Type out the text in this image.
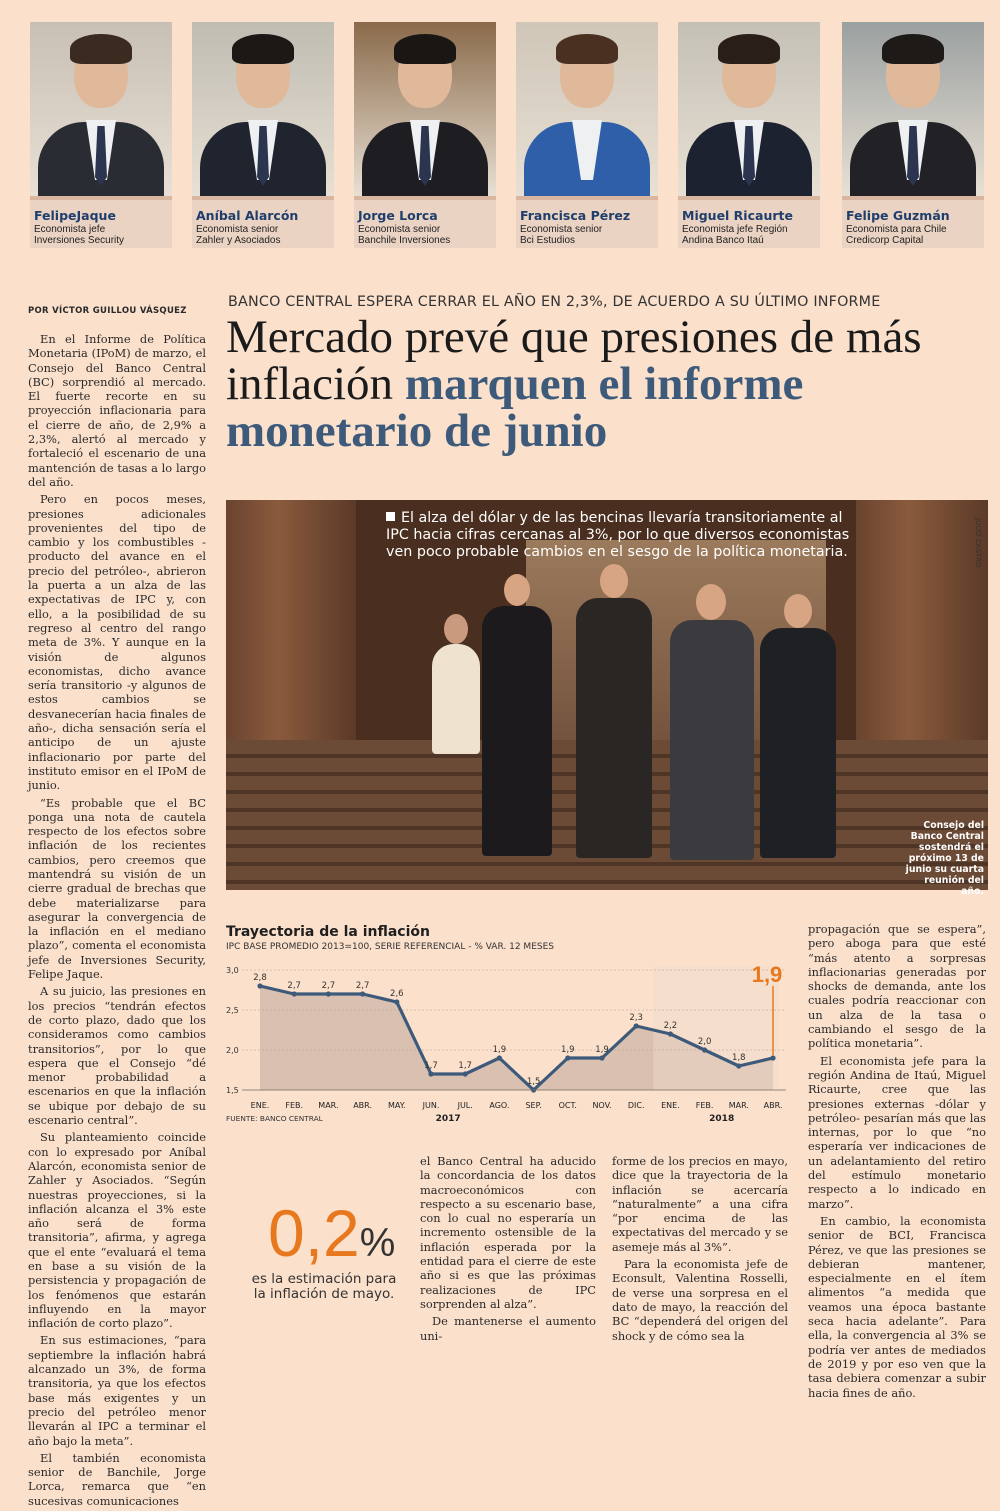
FelipeJaque
Economista jefe
Inversiones Security
Aníbal Alarcón
Economista senior
Zahler y Asociados
Jorge Lorca
Economista senior
Banchile Inversiones
Francisca Pérez
Economista senior
Bci Estudios
Miguel Ricaurte
Economista jefe Región
Andina Banco Itaú
Felipe Guzmán
Economista para Chile
Credicorp Capital
POR VÍCTOR GUILLOU VÁSQUEZ
BANCO CENTRAL ESPERA CERRAR EL AÑO EN 2,3%, DE ACUERDO A SU ÚLTIMO INFORME
Mercado prevé que presiones de más inflación marquen el informe monetario de junio

En el Informe de Política Monetaria (IPoM) de marzo, el Consejo del Banco Central (BC) sorprendió al mercado. El fuerte recorte en su proyección inflacionaria para el cierre de año, de 2,9% a 2,3%, alertó al mercado y fortaleció el escenario de una mantención de tasas a lo largo del año.

Pero en pocos meses, presiones adicionales provenientes del tipo de cambio y los combustibles -producto del avance en el precio del petróleo-, abrieron la puerta a un alza de las expectativas de IPC y, con ello, a la posibilidad de su regreso al centro del rango meta de 3%. Y aunque en la visión de algunos economistas, dicho avance sería transitorio -y algunos de estos cambios se desvanecerían hacia finales de año-, dicha sensación sería el anticipo de un ajuste inflacionario por parte del instituto emisor en el IPoM de junio.

“Es probable que el BC ponga una nota de cautela respecto de los efectos sobre inflación de los recientes cambios, pero creemos que mantendrá su visión de un cierre gradual de brechas que debe materializarse para asegurar la convergencia de la inflación en el mediano plazo”, comenta el economista jefe de Inversiones Security, Felipe Jaque.

A su juicio, las presiones en los precios “tendrán efectos de corto plazo, dado que los consideramos como cambios transitorios”, por lo que espera que el Consejo “dé menor probabilidad a escenarios en que la inflación se ubique por debajo de su escenario central”.

Su planteamiento coincide con lo expresado por Aníbal Alarcón, economista senior de Zahler y Asociados. “Según nuestras proyecciones, si la inflación alcanza el 3% este año será de forma transitoria”, afirma, y agrega que el ente “evaluará el tema en base a su visión de la persistencia y propagación de los fenómenos que estarán influyendo en la mayor inflación de corto plazo”.

En sus estimaciones, “para septiembre la inflación habrá alcanzado un 3%, de forma transitoria, ya que los efectos base más exigentes y un precio del petróleo menor llevarán al IPC a terminar el año bajo la meta”.

El también economista senior de Banchile, Jorge Lorca, remarca que “en sucesivas comunicaciones

El alza del dólar y de las bencinas llevaría transitoriamente al IPC hacia cifras cercanas al 3%, por lo que diversos economistas ven poco probable cambios en el sesgo de la política monetaria.	JULIO CASTRO
Consejo del Banco Central sostendrá el próximo 13 de junio su cuarta reunión del año.
Trayectoria de la inflación
IPC BASE PROMEDIO 2013=100, SERIE REFERENCIAL - % VAR. 12 MESES
3,0
2,5
2,0
1,5
2,8
ENE.
2,7
FEB.
2,7
MAR.
2,7
ABR.
2,6
MAY.
1,7
JUN.
1,7
JUL.
1,9
AGO.
1,5
SEP.
1,9
OCT.
1,9
NOV.
2,3
DIC.
2,2
ENE.
2,0
FEB.
1,8
MAR. ABR.
2017	2018
1,9
FUENTE: BANCO CENTRAL

el Banco Central ha aducido la concordancia de los datos macroeconómicos con respecto a su escenario base, con lo cual no esperaría un incremento ostensible de la inflación esperada por la entidad para el cierre de este año si es que las próximas realizaciones de IPC sorprenden al alza”.

De mantenerse el aumento uni-

forme de los precios en mayo, dice que la trayectoria de la inflación se acercaría “naturalmente” a una cifra “por encima de las expectativas del mercado y se asemeje más al 3%”.

Para la economista jefe de Econsult, Valentina Rosselli, de verse una sorpresa en el dato de mayo, la reacción del BC “dependerá del origen del shock y de cómo sea la

propagación que se espera”, pero aboga para que esté “más atento a sorpresas inflacionarias generadas por shocks de demanda, ante los cuales podría reaccionar con un alza de la tasa o cambiando el sesgo de la política monetaria”.

El economista jefe para la región Andina de Itaú, Miguel Ricaurte, cree que las presiones externas -dólar y petróleo- pesarían más que las internas, por lo que “no esperaría ver indicaciones de un adelantamiento del retiro del estímulo monetario respecto a lo indicado en marzo”.

En cambio, la economista senior de BCI, Francisca Pérez, ve que las presiones se debieran mantener, especialmente en el ítem alimentos “a medida que veamos una época bastante seca hacia adelante”. Para ella, la convergencia al 3% se podría ver antes de mediados de 2019 y por eso ven que la tasa debiera comenzar a subir hacia fines de año.

0,2%
es la estimación para la inflación de mayo.
